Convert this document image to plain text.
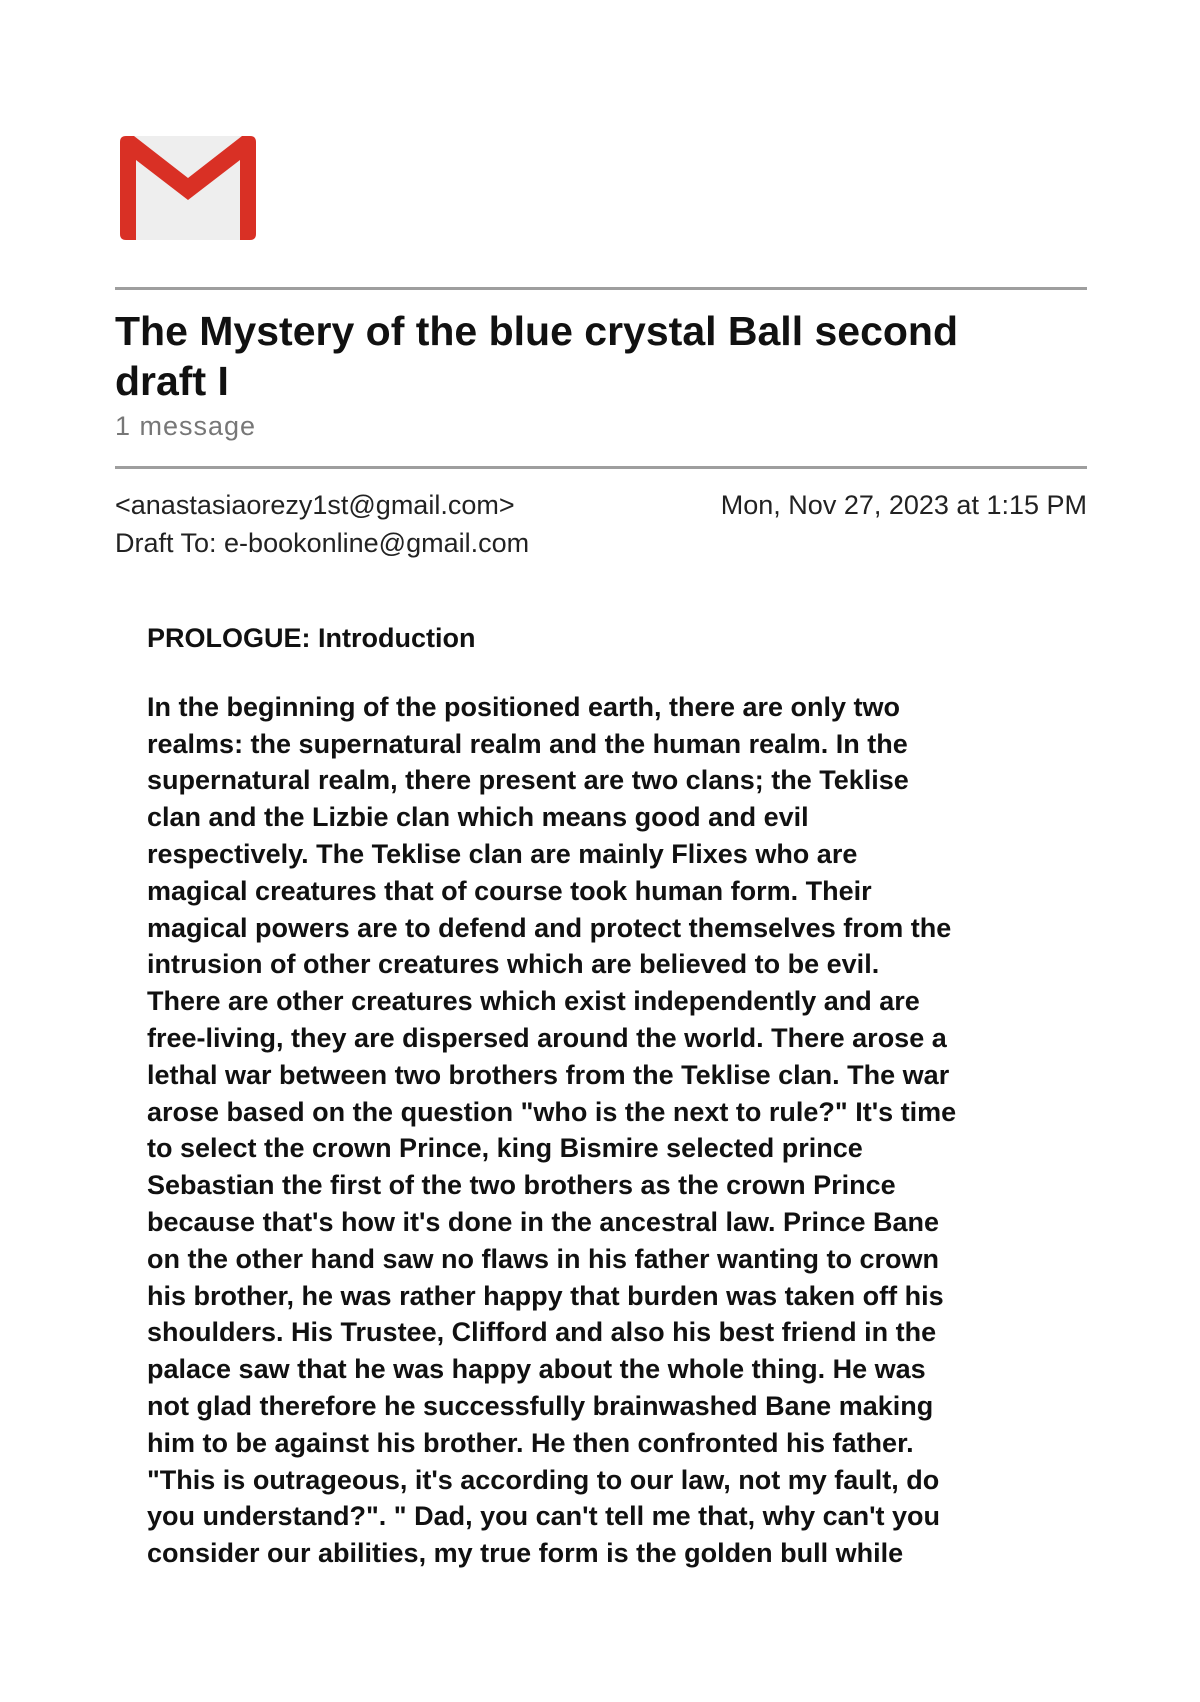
The Mystery of the blue crystal Ball second
draft I
1 message
<anastasiaorezy1st@gmail.com>	Mon, Nov 27, 2023 at 1:15 PM
Draft To: e-bookonline@gmail.com
PROLOGUE: Introduction
In the beginning of the positioned earth, there are only two
realms: the supernatural realm and the human realm. In the
supernatural realm, there present are two clans; the Teklise
clan and the Lizbie clan which means good and evil
respectively. The Teklise clan are mainly Flixes who are
magical creatures that of course took human form. Their
magical powers are to defend and protect themselves from the
intrusion of other creatures which are believed to be evil.
There are other creatures which exist independently and are
free-living, they are dispersed around the world. There arose a
lethal war between two brothers from the Teklise clan. The war
arose based on the question "who is the next to rule?" It's time
to select the crown Prince, king Bismire selected prince
Sebastian the first of the two brothers as the crown Prince
because that's how it's done in the ancestral law. Prince Bane
on the other hand saw no flaws in his father wanting to crown
his brother, he was rather happy that burden was taken off his
shoulders. His Trustee, Clifford and also his best friend in the
palace saw that he was happy about the whole thing. He was
not glad therefore he successfully brainwashed Bane making
him to be against his brother. He then confronted his father.
"This is outrageous, it's according to our law, not my fault, do
you understand?". " Dad, you can't tell me that, why can't you
consider our abilities, my true form is the golden bull while
